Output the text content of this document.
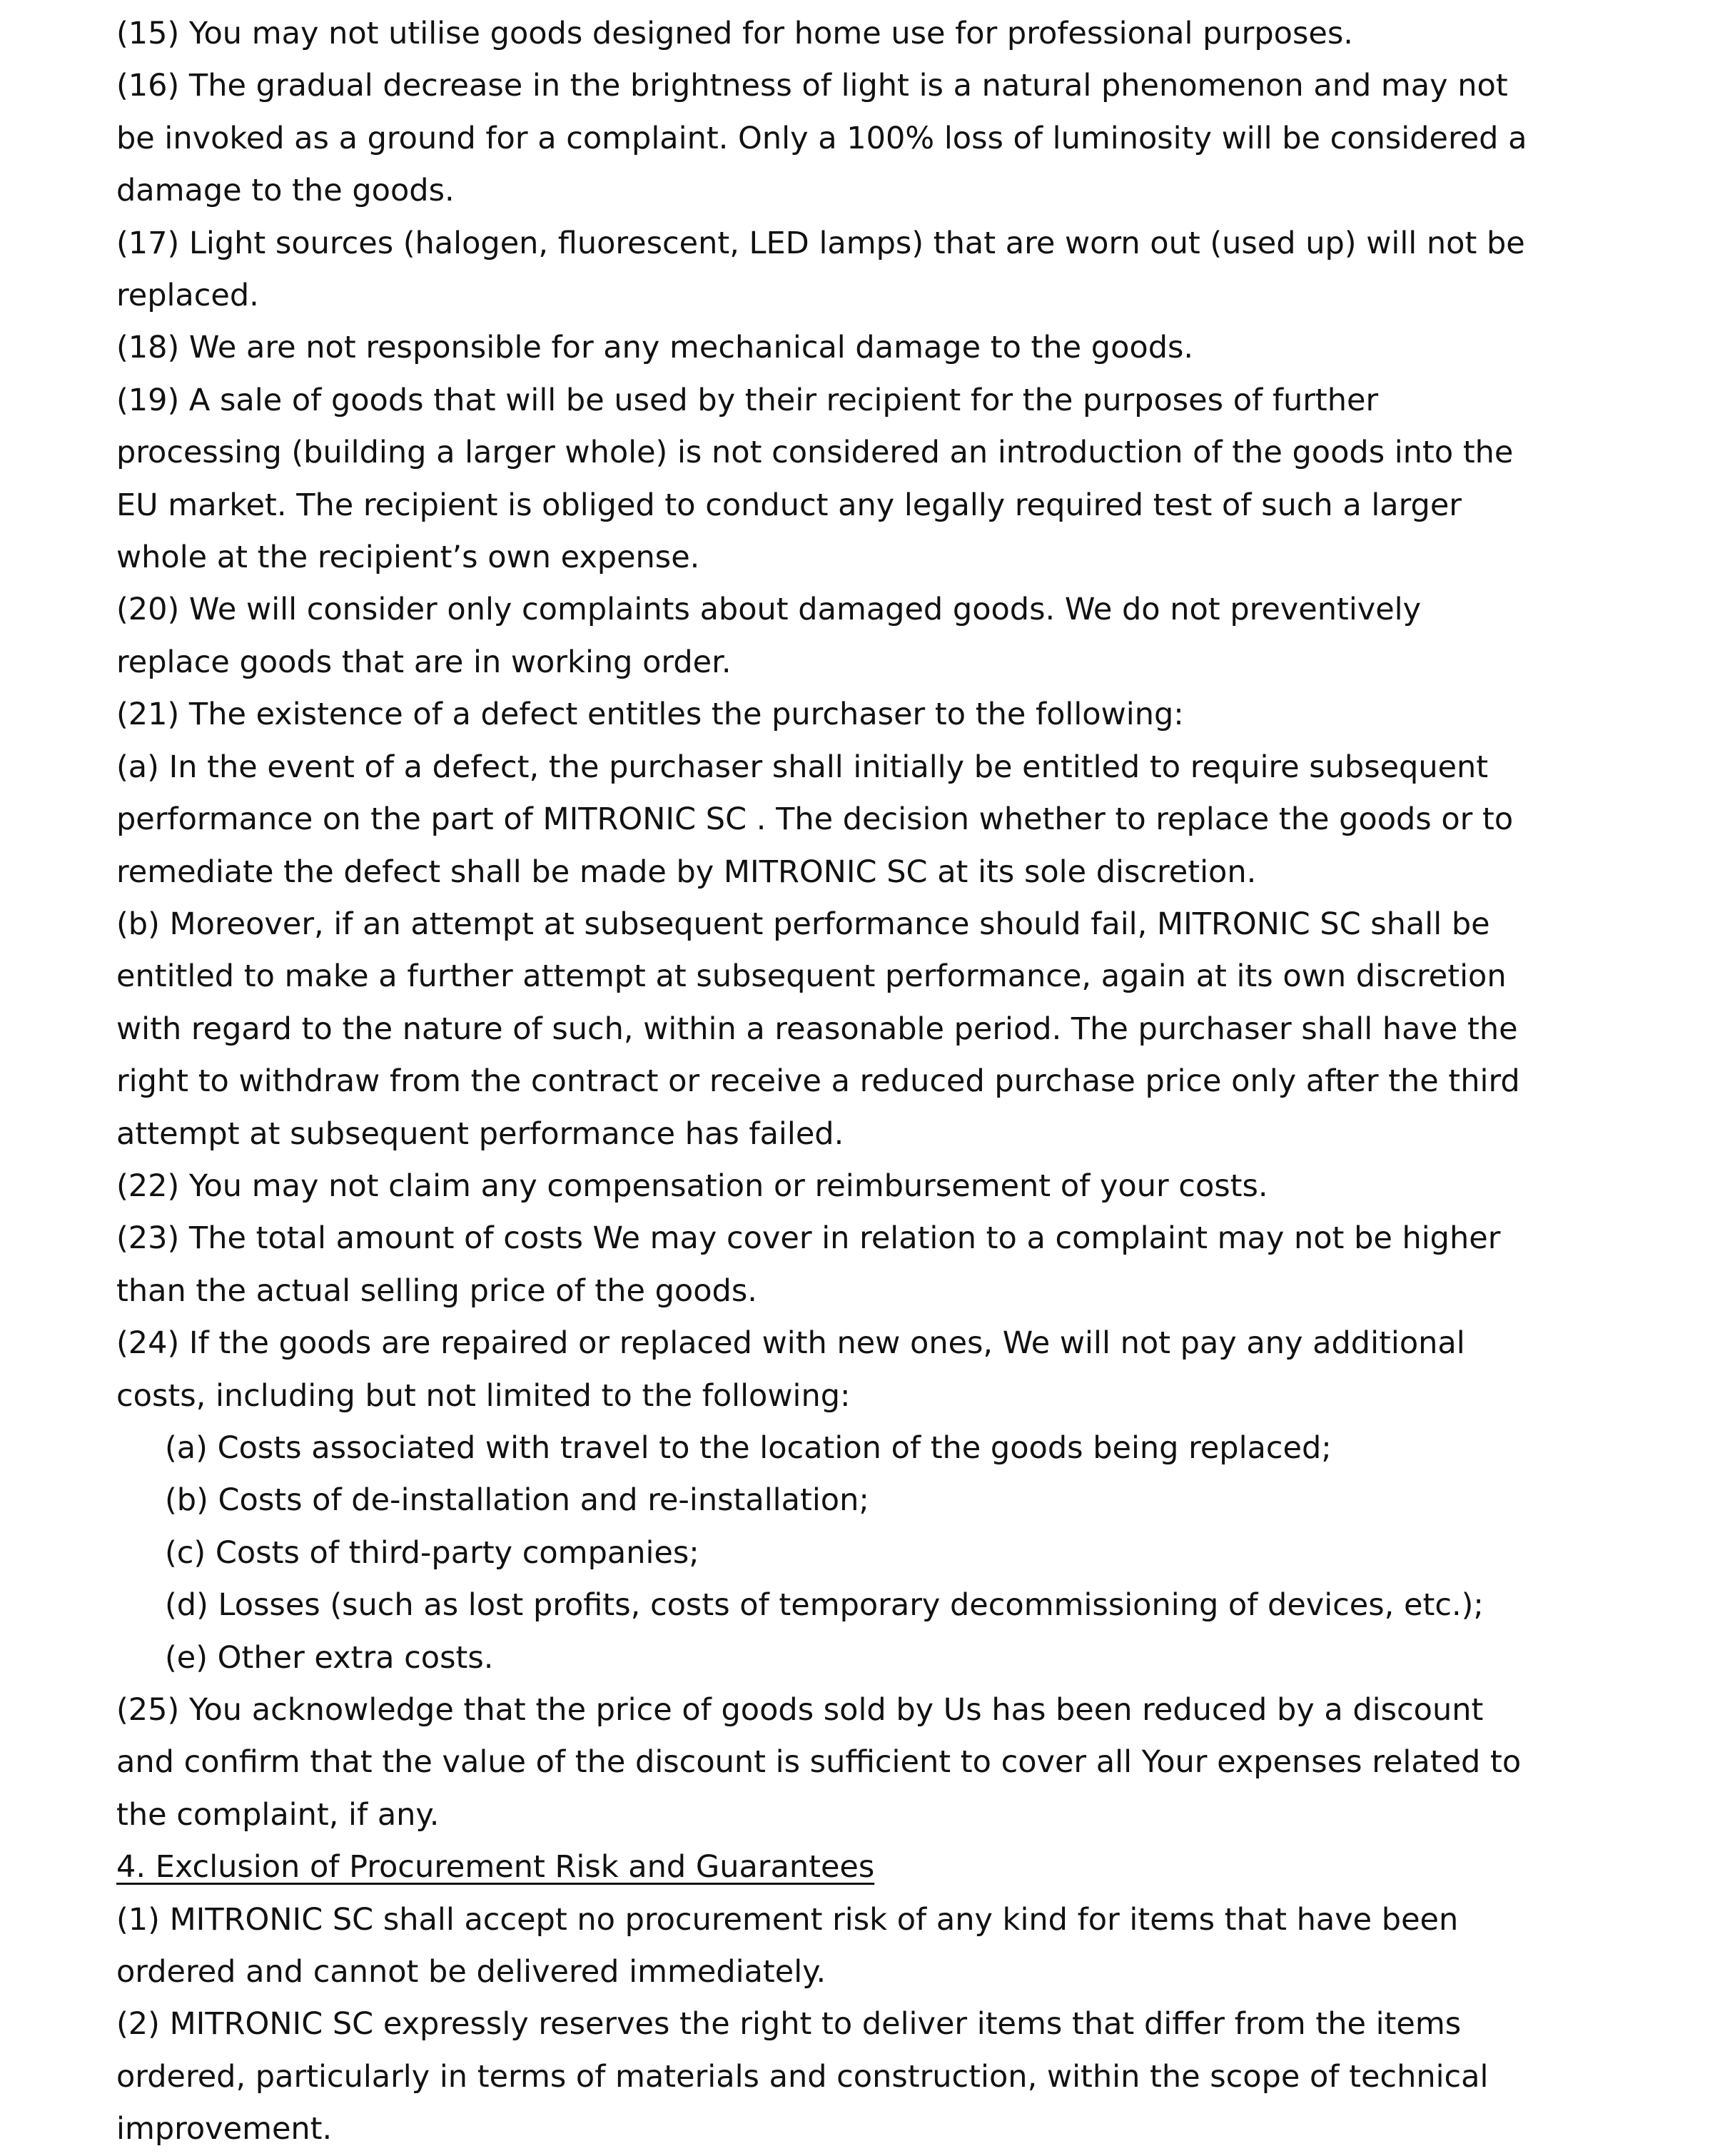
(15) You may not utilise goods designed for home use for professional purposes.

(16) The gradual decrease in the brightness of light is a natural phenomenon and may not be invoked as a ground for a complaint. Only a 100% loss of luminosity will be considered a damage to the goods.

(17) Light sources (halogen, fluorescent, LED lamps) that are worn out (used up) will not be replaced.

(18) We are not responsible for any mechanical damage to the goods.

(19) A sale of goods that will be used by their recipient for the purposes of further processing (building a larger whole) is not considered an introduction of the goods into the EU market. The recipient is obliged to conduct any legally required test of such a larger whole at the recipient’s own expense.

(20) We will consider only complaints about damaged goods. We do not preventively replace goods that are in working order.

(21) The existence of a defect entitles the purchaser to the following:

(a) In the event of a defect, the purchaser shall initially be entitled to require subsequent performance on the part of MITRONIC SC . The decision whether to replace the goods or to remediate the defect shall be made by MITRONIC SC at its sole discretion.

(b) Moreover, if an attempt at subsequent performance should fail, MITRONIC SC shall be entitled to make a further attempt at subsequent performance, again at its own discretion with regard to the nature of such, within a reasonable period. The purchaser shall have the right to withdraw from the contract or receive a reduced purchase price only after the third attempt at subsequent performance has failed.

(22) You may not claim any compensation or reimbursement of your costs.

(23) The total amount of costs We may cover in relation to a complaint may not be higher than the actual selling price of the goods.

(24) If the goods are repaired or replaced with new ones, We will not pay any additional costs, including but not limited to the following:

(a) Costs associated with travel to the location of the goods being replaced;

(b) Costs of de-installation and re-installation;

(c) Costs of third-party companies;

(d) Losses (such as lost profits, costs of temporary decommissioning of devices, etc.);

(e) Other extra costs.

(25) You acknowledge that the price of goods sold by Us has been reduced by a discount and confirm that the value of the discount is sufficient to cover all Your expenses related to the complaint, if any.

4. Exclusion of Procurement Risk and Guarantees

(1) MITRONIC SC shall accept no procurement risk of any kind for items that have been ordered and cannot be delivered immediately.

(2) MITRONIC SC expressly reserves the right to deliver items that differ from the items ordered, particularly in terms of materials and construction, within the scope of technical improvement.
